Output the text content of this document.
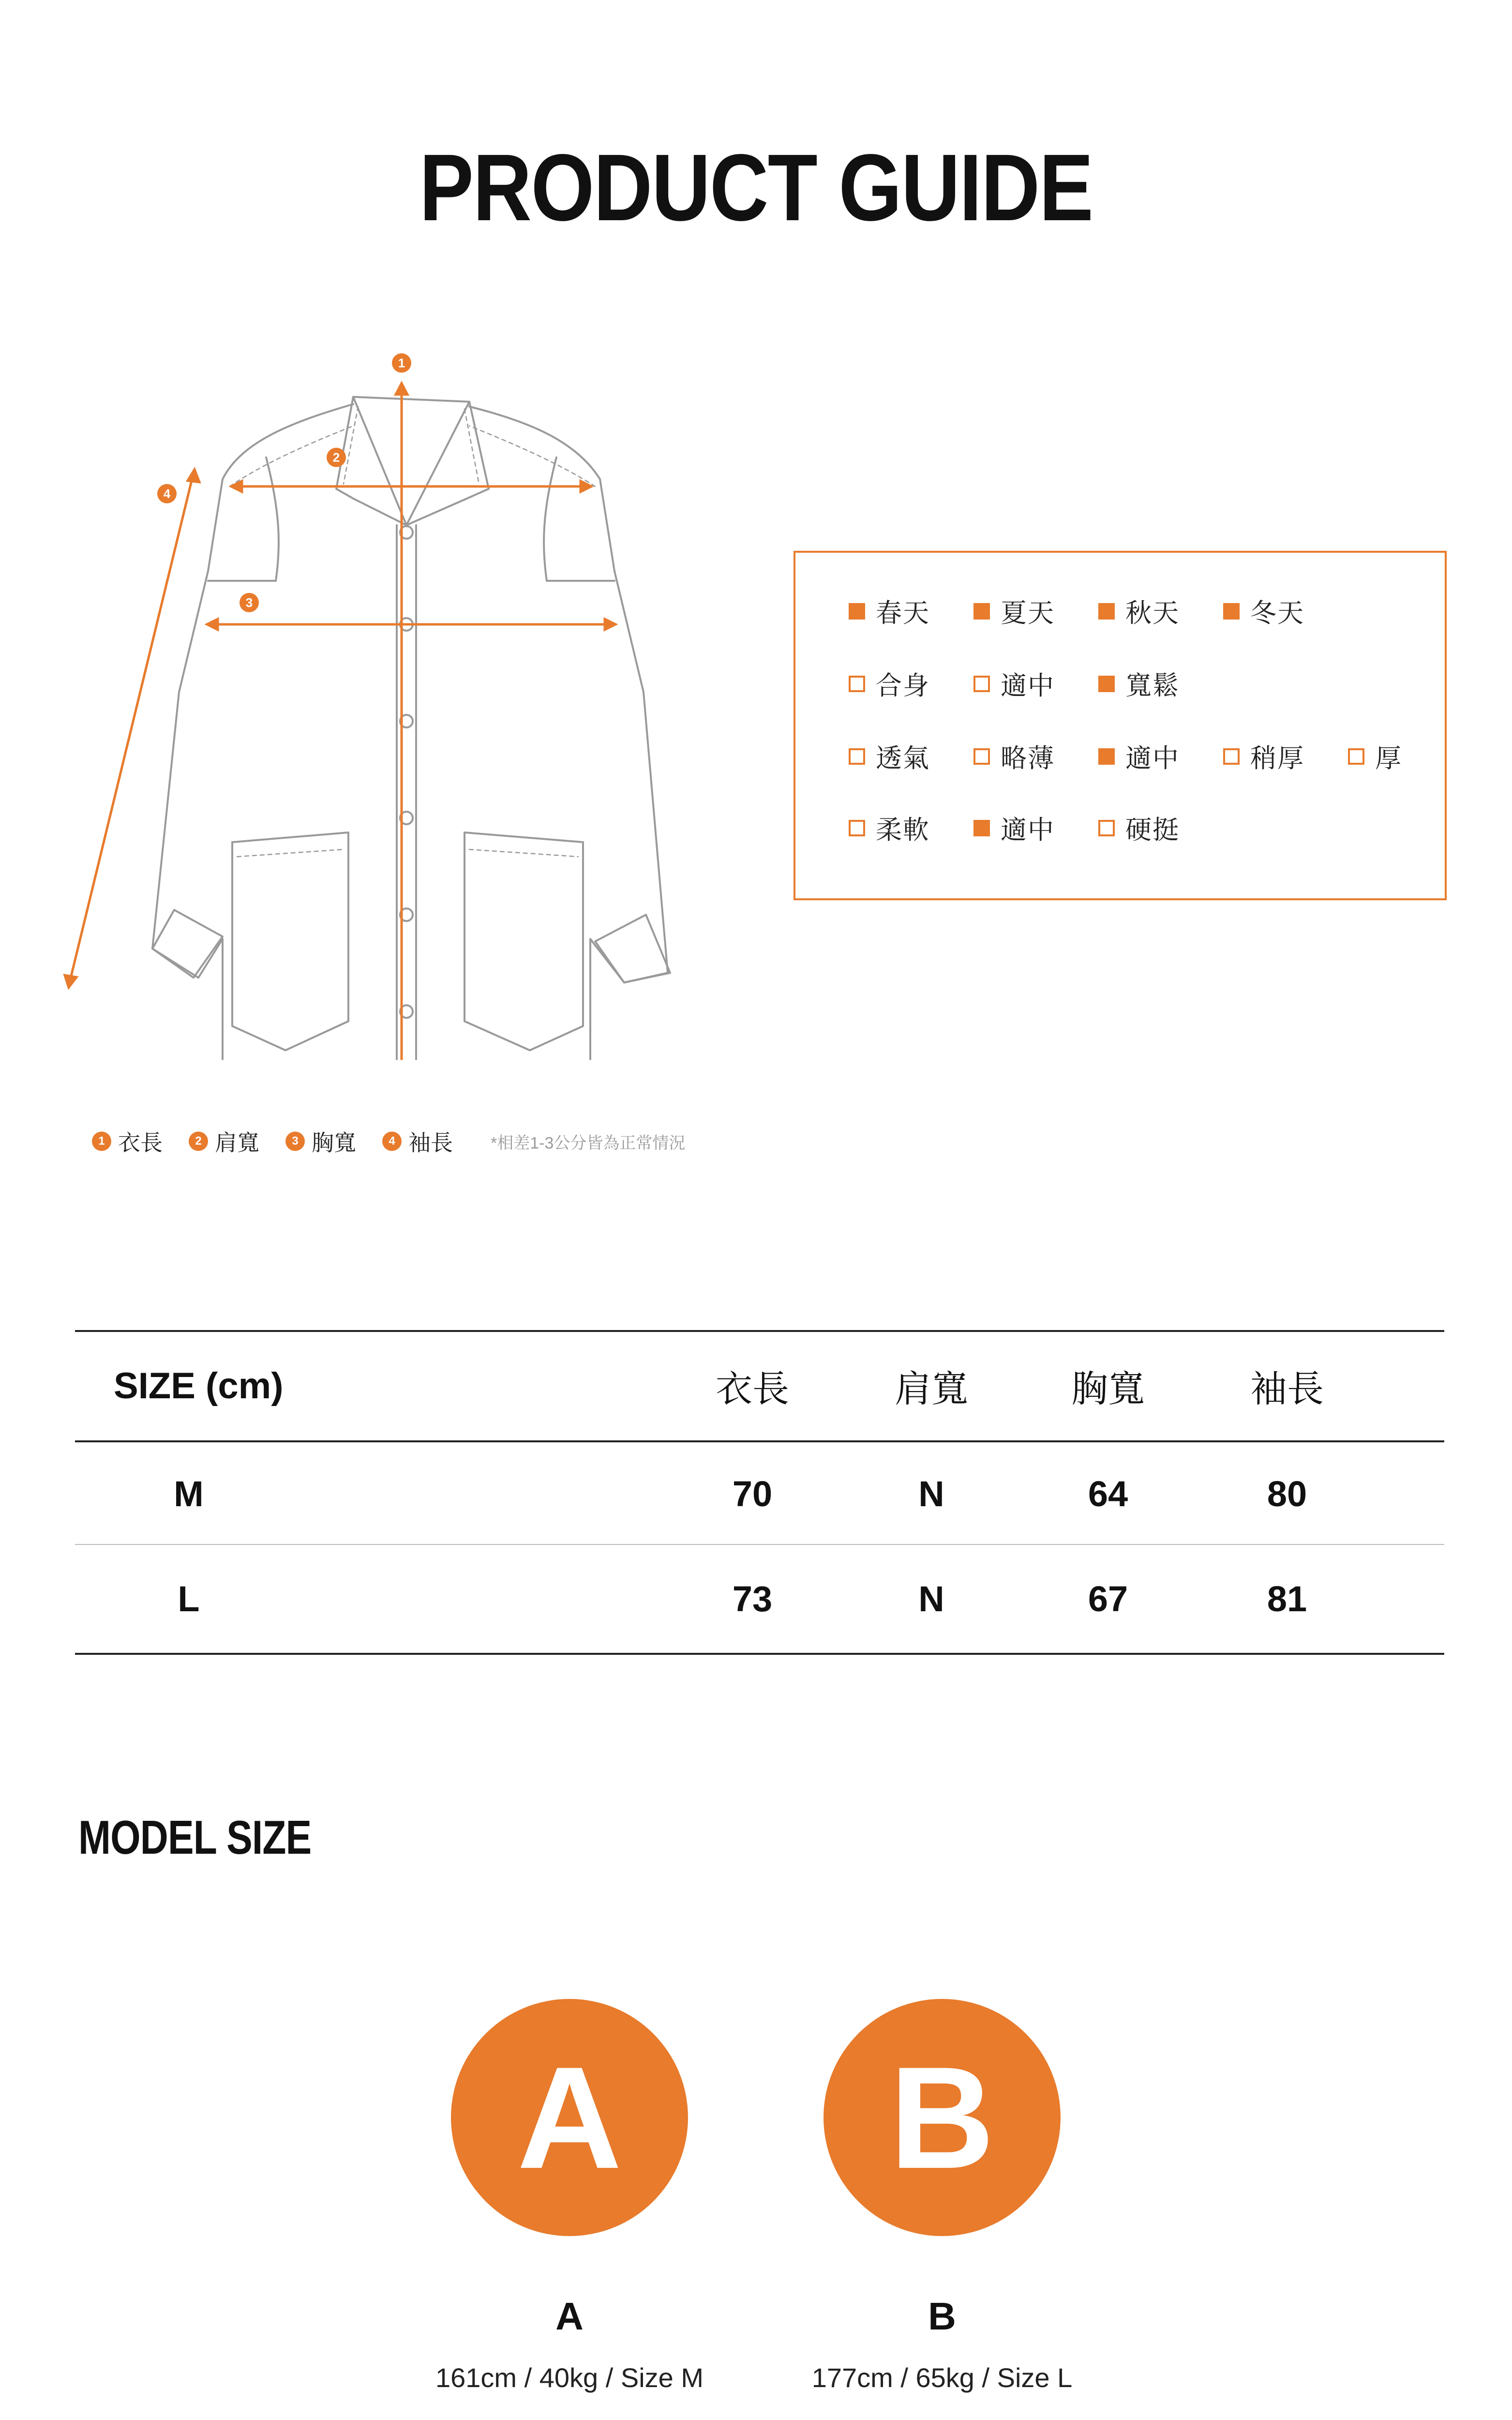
PRODUCT GUIDE
1
2
3
4
1 衣長	2 肩寬	3 胸寬	4 袖長 *相差1-3公分皆為正常情況
春天	夏天	秋天	冬天
合身	適中	寬鬆
透氣	略薄	適中	稍厚	厚
柔軟	適中	硬挺
SIZE (cm)	衣長	肩寬	胸寬	袖長
M	70	N	64	80
L	73	N	67	81
MODEL SIZE
A	B
A	B
161cm / 40kg / Size M	177cm / 65kg / Size L
